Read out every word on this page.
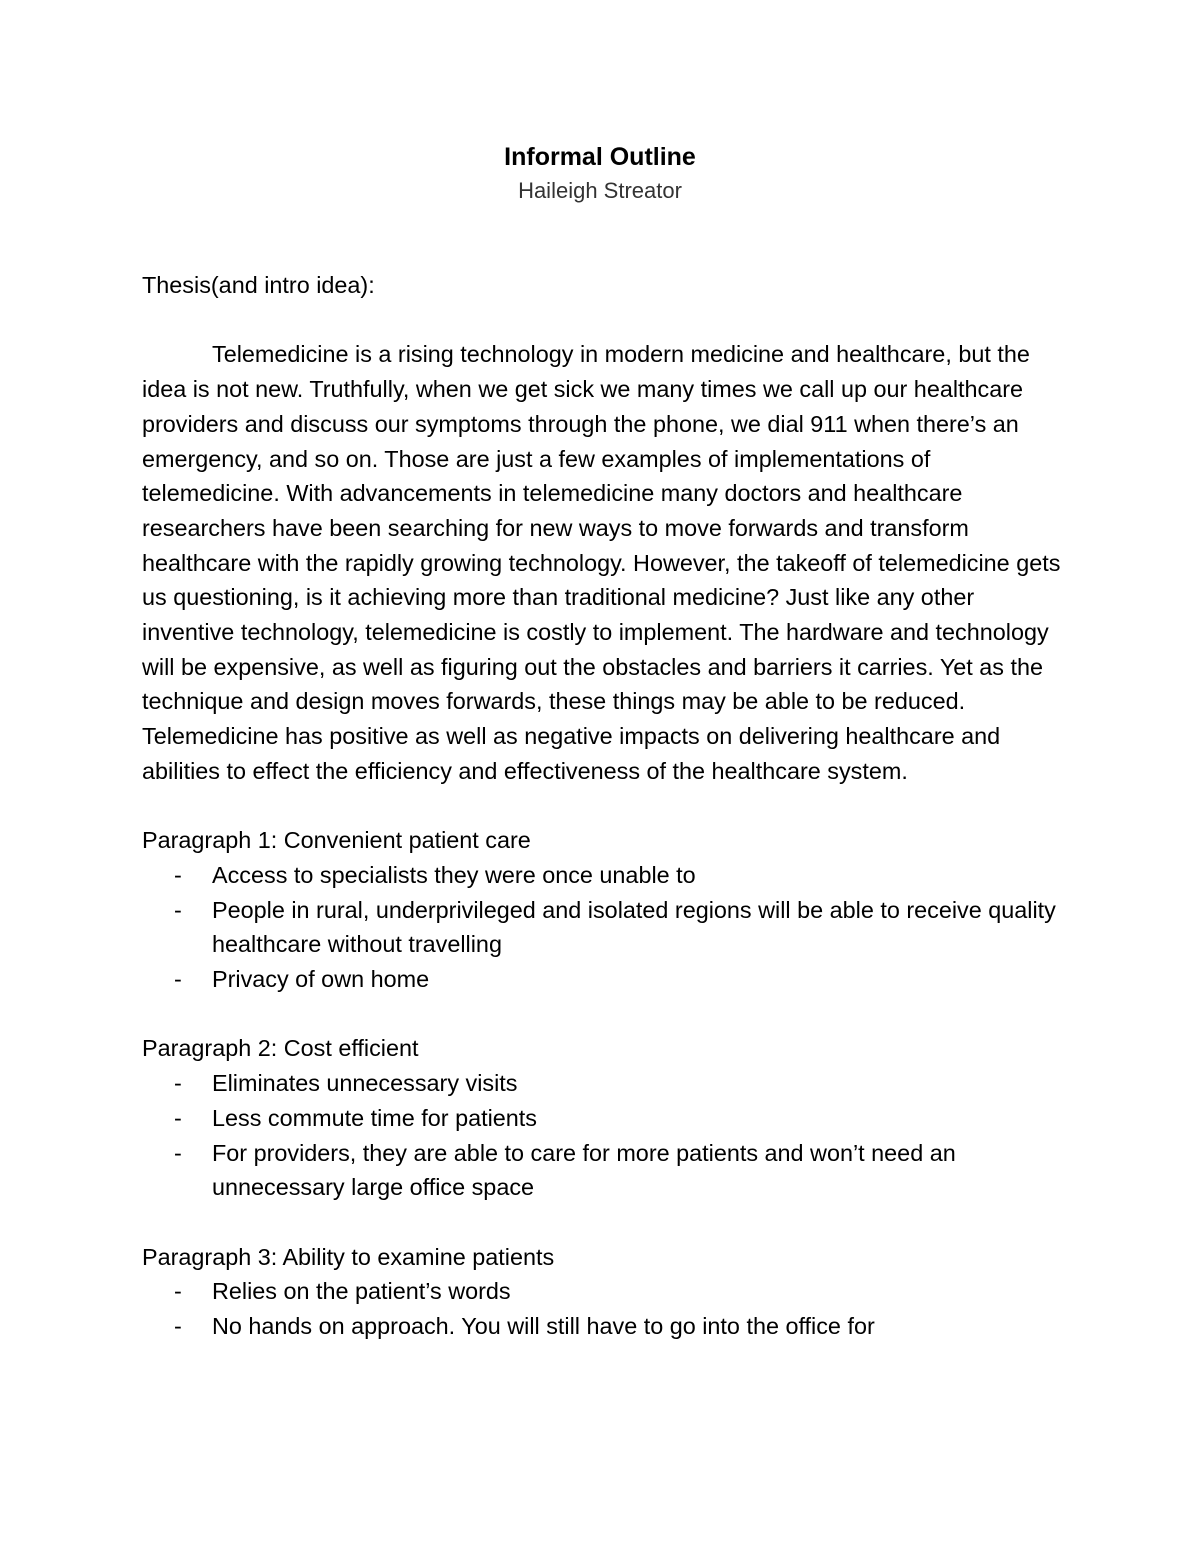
Informal Outline
Haileigh Streator

Thesis(and intro idea):

Telemedicine is a rising technology in modern medicine and healthcare, but the idea is not new. Truthfully, when we get sick we many times we call up our healthcare providers and discuss our symptoms through the phone, we dial 911 when there’s an emergency, and so on. Those are just a few examples of implementations of telemedicine. With advancements in telemedicine many doctors and healthcare researchers have been searching for new ways to move forwards and transform healthcare with the rapidly growing technology. However, the takeoff of telemedicine gets us questioning, is it achieving more than traditional medicine? Just like any other inventive technology, telemedicine is costly to implement. The hardware and technology will be expensive, as well as figuring out the obstacles and barriers it carries. Yet as the technique and design moves forwards, these things may be able to be reduced. Telemedicine has positive as well as negative impacts on delivering healthcare and abilities to effect the efficiency and effectiveness of the healthcare system.

Paragraph 1: Convenient patient care

- Access to specialists they were once unable to
- People in rural, underprivileged and isolated regions will be able to receive quality healthcare without travelling
- Privacy of own home

Paragraph 2: Cost efficient

- Eliminates unnecessary visits
- Less commute time for patients
- For providers, they are able to care for more patients and won’t need an unnecessary large office space

Paragraph 3: Ability to examine patients

- Relies on the patient’s words
- No hands on approach. You will still have to go into the office for
